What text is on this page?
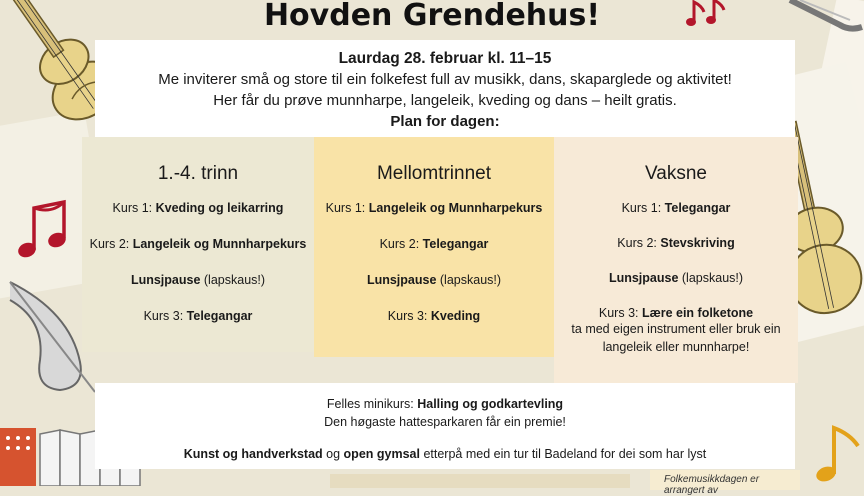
Hovden Grendehus!

Laurdag 28. februar kl. 11–15

Me inviterer små og store til ein folkefest full av musikk, dans, skaparglede og aktivitet!

Her får du prøve munnharpe, langeleik, kveding og dans – heilt gratis.

Plan for dagen:

1.-4. trinn
Kurs 1: Kveding og leikarring
Kurs 2: Langeleik og Munnharpekurs
Lunsjpause (lapskaus!)
Kurs 3: Telegangar
Mellomtrinnet
Kurs 1: Langeleik og Munnharpekurs
Kurs 2: Telegangar
Lunsjpause (lapskaus!)
Kurs 3: Kveding
Vaksne
Kurs 1: Telegangar
Kurs 2: Stevskriving
Lunsjpause (lapskaus!)
Kurs 3: Lære ein folketone
ta med eigen instrument eller bruk ein
langeleik eller munnharpe!

Felles minikurs: Halling og godkartevling

Den høgaste hattesparkaren får ein premie!

Kunst og handverkstad og open gymsal etterpå med ein tur til Badeland for dei som har lyst

Folkemusikkdagen er arrangert av
